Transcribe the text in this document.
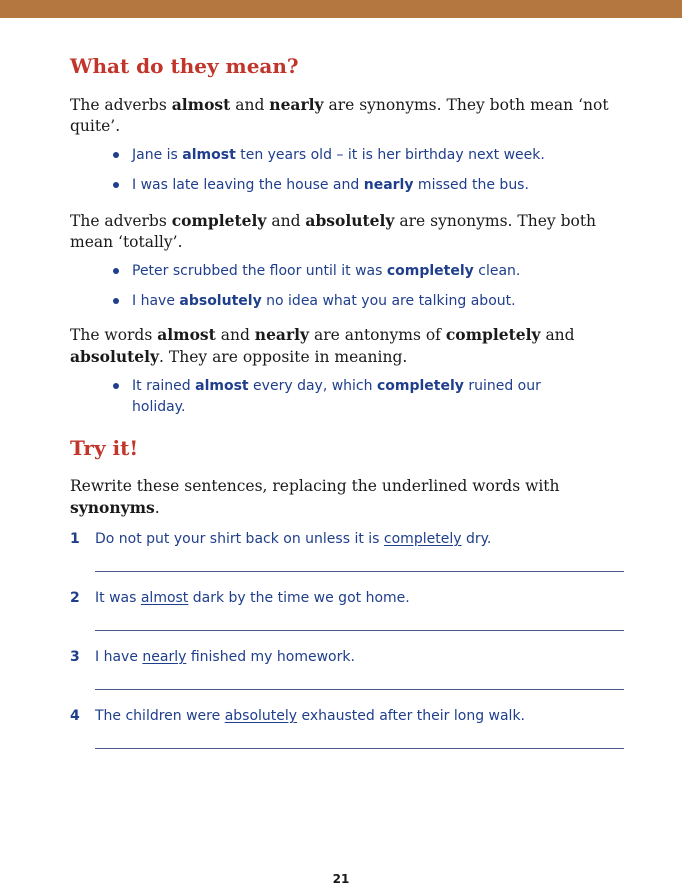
What do they mean?

The adverbs almost and nearly are synonyms. They both mean ‘not quite’.

Jane is almost ten years old – it is her birthday next week.
I was late leaving the house and nearly missed the bus.

The adverbs completely and absolutely are synonyms. They both mean ‘totally’.

Peter scrubbed the floor until it was completely clean.
I have absolutely no idea what you are talking about.

The words almost and nearly are antonyms of completely and absolutely. They are opposite in meaning.

It rained almost every day, which completely ruined our
holiday.
Try it!

Rewrite these sentences, replacing the underlined words with synonyms.

1 Do not put your shirt back on unless it is completely dry.
2 It was almost dark by the time we got home.
3 I have nearly finished my homework.
4 The children were absolutely exhausted after their long walk.
21
